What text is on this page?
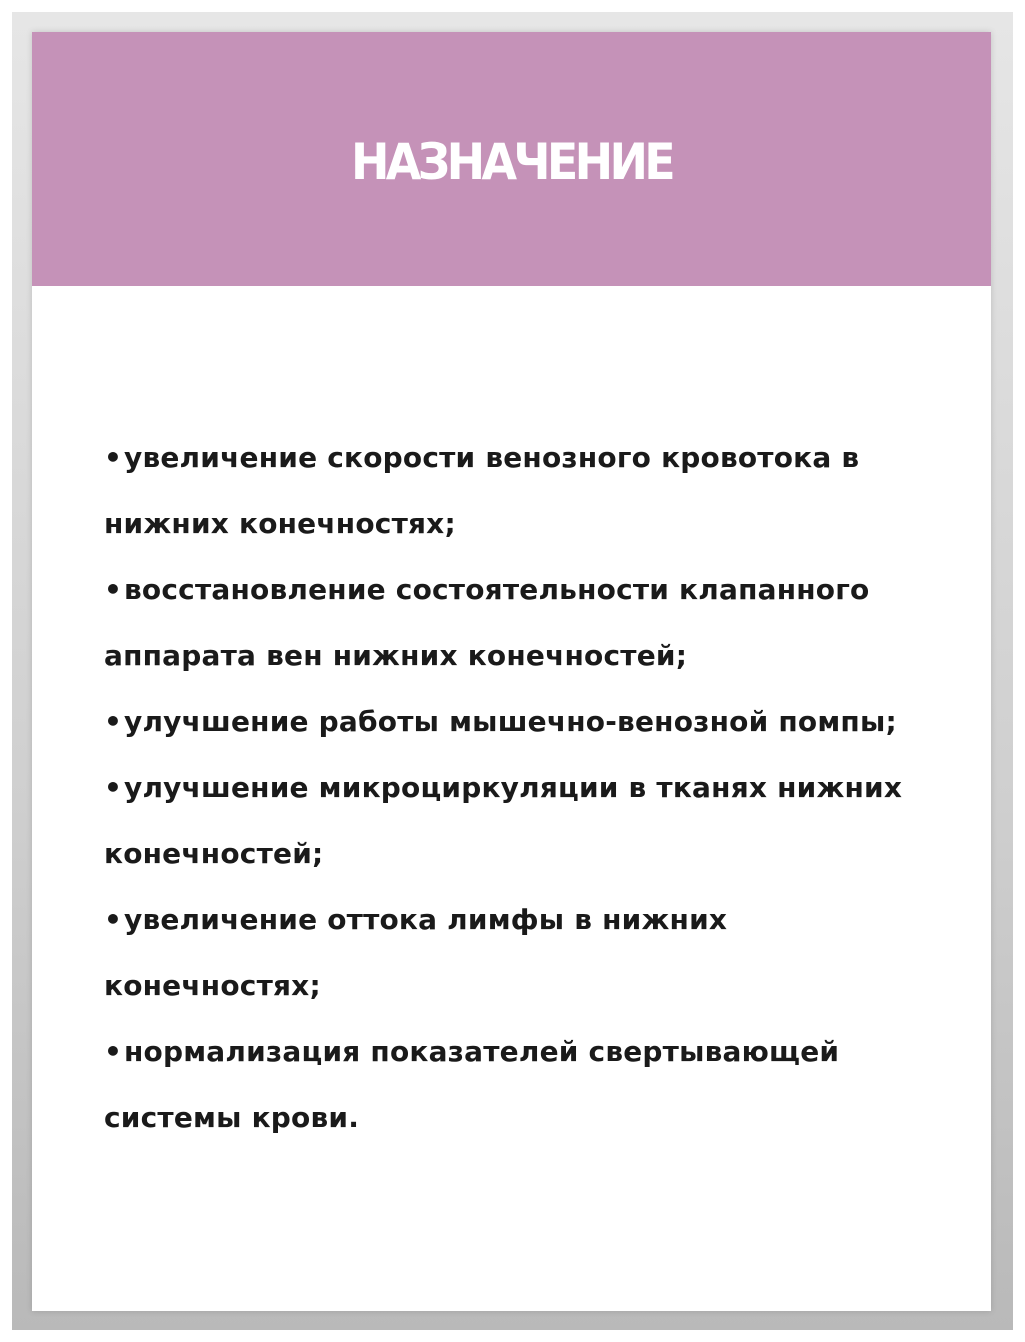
НАЗНАЧЕНИЕ
•увеличение скорости венозного кровотока в нижних конечностях;
•восстановление состоятельности клапанного аппарата вен нижних конечностей;
•улучшение работы мышечно-венозной помпы;
•улучшение микроциркуляции в тканях нижних конечностей;
•увеличение оттока лимфы в нижних конечностях;
•нормализация показателей свертывающей системы крови.
